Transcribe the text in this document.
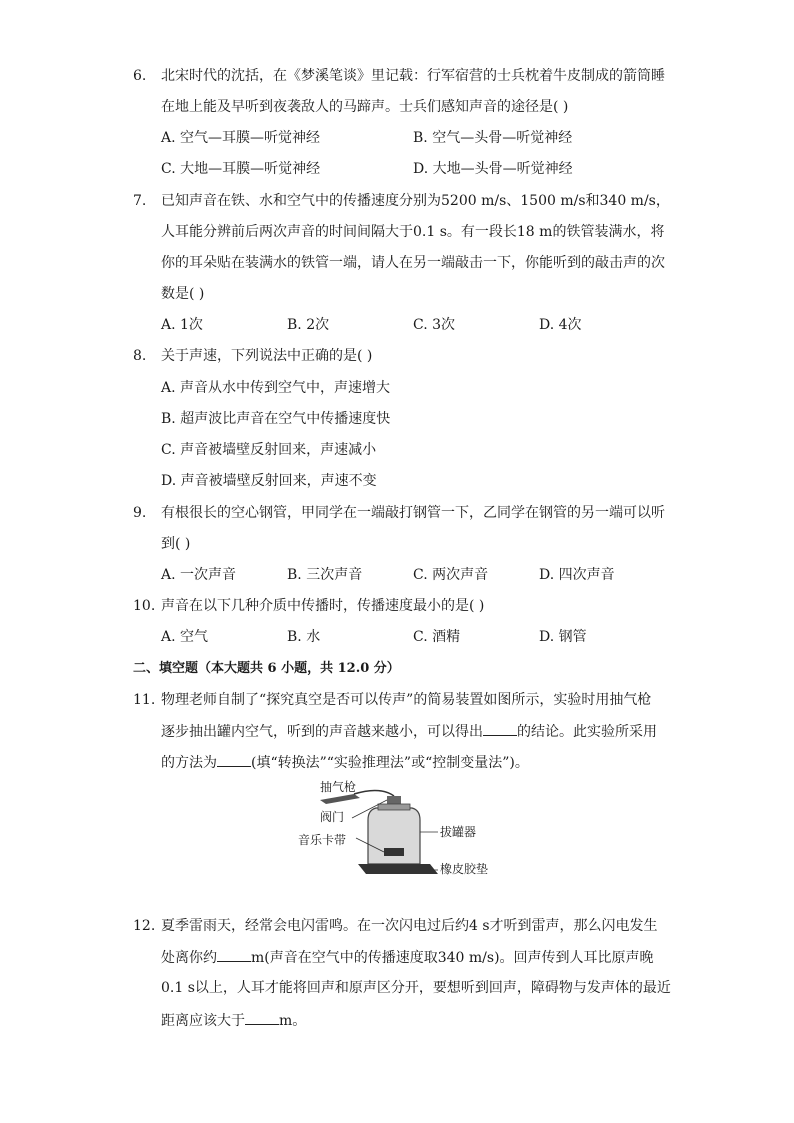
6. 北宋时代的沈括，在《梦溪笔谈》里记载：行军宿营的士兵枕着牛皮制成的箭筒睡
在地上能及早听到夜袭敌人的马蹄声。士兵们感知声音的途径是( )
A. 空气—耳膜—听觉神经	B. 空气—头骨—听觉神经
C. 大地—耳膜—听觉神经	D. 大地—头骨—听觉神经
7. 已知声音在铁、水和空气中的传播速度分别为5200 m/s、1500 m/s和340 m/s，
人耳能分辨前后两次声音的时间间隔大于0.1 s。有一段长18 m的铁管装满水，将
你的耳朵贴在装满水的铁管一端，请人在另一端敲击一下，你能听到的敲击声的次
数是( )
A. 1次	B. 2次	C. 3次	D. 4次
8. 关于声速，下列说法中正确的是( )
A. 声音从水中传到空气中，声速增大
B. 超声波比声音在空气中传播速度快
C. 声音被墙壁反射回来，声速减小
D. 声音被墙壁反射回来，声速不变
9. 有根很长的空心钢管，甲同学在一端敲打钢管一下，乙同学在钢管的另一端可以听
到( )
A. 一次声音	B. 三次声音	C. 两次声音	D. 四次声音
10. 声音在以下几种介质中传播时，传播速度最小的是( )
A. 空气	B. 水	C. 酒精	D. 钢管
二、填空题（本大题共 6 小题，共 12.0 分）
11. 物理老师自制了“探究真空是否可以传声”的简易装置如图所示，实验时用抽气枪
逐步抽出罐内空气，听到的声音越来越小，可以得出 的结论。此实验所采用
的方法为 (填“转换法”“实验推理法”或“控制变量法”)。
抽气枪
阀门
音乐卡带
拔罐器
橡皮胶垫
12. 夏季雷雨天，经常会电闪雷鸣。在一次闪电过后约4 s才听到雷声，那么闪电发生
处离你约 m(声音在空气中的传播速度取340 m/s)。回声传到人耳比原声晚
0.1 s以上，人耳才能将回声和原声区分开，要想听到回声，障碍物与发声体的最近
距离应该大于 m。
